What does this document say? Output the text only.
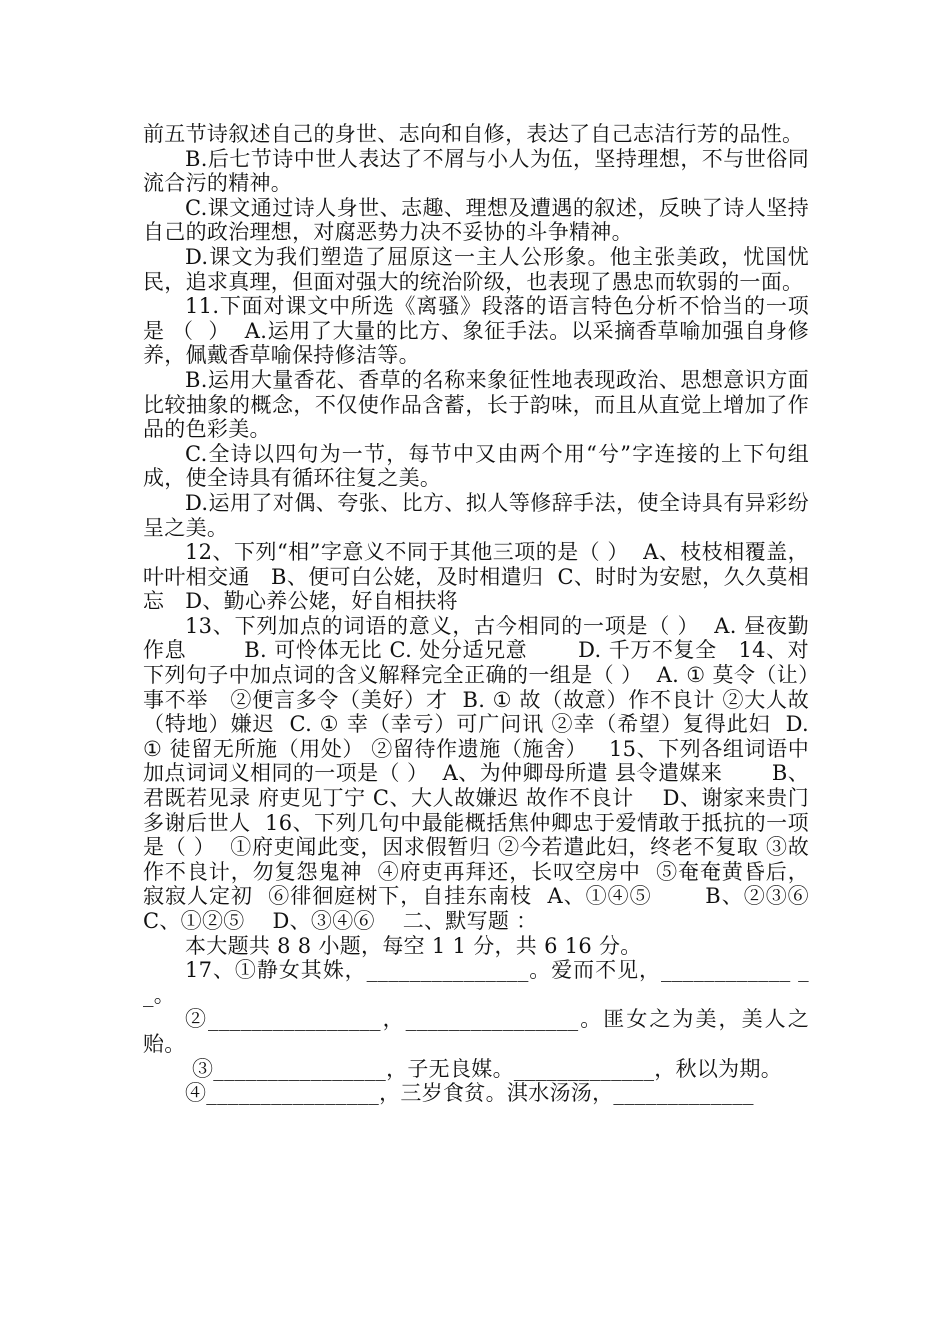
前五节诗叙述自己的身世、志向和自修，表达了自己志洁行芳的品性。

B.后七节诗中世人表达了不屑与小人为伍，坚持理想，不与世俗同流合污的精神。

C.课文通过诗人身世、志趣、理想及遭遇的叙述，反映了诗人坚持自己的政治理想，对腐恶势力决不妥协的斗争精神。

D.课文为我们塑造了屈原这一主人公形象。他主张美政，忧国忧民，追求真理，但面对强大的统治阶级，也表现了愚忠而软弱的一面。

11.下面对课文中所选《离骚》段落的语言特色分析不恰当的一项是 （  ）  A.运用了大量的比方、象征手法。以采摘香草喻加强自身修养，佩戴香草喻保持修洁等。

B.运用大量香花、香草的名称来象征性地表现政治、思想意识方面比较抽象的概念，不仅使作品含蓄，长于韵味，而且从直觉上增加了作品的色彩美。

C.全诗以四句为一节，每节中又由两个用“兮”字连接的上下句组成，使全诗具有循环往复之美。

D.运用了对偶、夸张、比方、拟人等修辞手法，使全诗具有异彩纷呈之美。

12、下列“相”字意义不同于其他三项的是（ ）  A、枝枝相覆盖，叶叶相交通   B、便可白公姥，及时相遣归  C、时时为安慰，久久莫相忘   D、勤心养公姥，好自相扶将

13、下列加点的词语的意义，古今相同的一项是（ ）  A. 昼夜勤作息        B. 可怜体无比 C. 处分适兄意       D. 千万不复全   14、对下列句子中加点词的含义解释完全正确的一组是（ ）  A. ① 莫令（让）事不举   ②便言多令（美好）才  B. ① 故（故意）作不良计 ②大人故（特地）嫌迟  C. ① 幸（幸亏）可广问讯 ②幸（希望）复得此妇  D. ① 徒留无所施（用处） ②留待作遗施（施舍）   15、下列各组词语中加点词词义相同的一项是（ ）  A、为仲卿母所遣 县令遣媒来       B、君既若见录 府吏见丁宁 C、大人故嫌迟 故作不良计    D、谢家来贵门 多谢后世人  16、下列几句中最能概括焦仲卿忠于爱情敢于抵抗的一项是（ ）  ①府吏闻此变，因求假暂归 ②今若遣此妇，终老不复取 ③故作不良计，勿复怨鬼神  ④府吏再拜还，长叹空房中  ⑤奄奄黄昏后，寂寂人定初  ⑥徘徊庭树下，自挂东南枝  A、①④⑤       B、②③⑥ C、①②⑤    D、③④⑥    二、默写题 ：

本大题共 8 8 小题，每空 1 1 分，共 6 16 分。

17、①静女其姝，_______________。爱而不见，____________ __。

②________________，________________。匪女之为美，美人之贻。

③________________，子无良媒。_____________，秋以为期。

④________________，三岁食贫。淇水汤汤，_____________
